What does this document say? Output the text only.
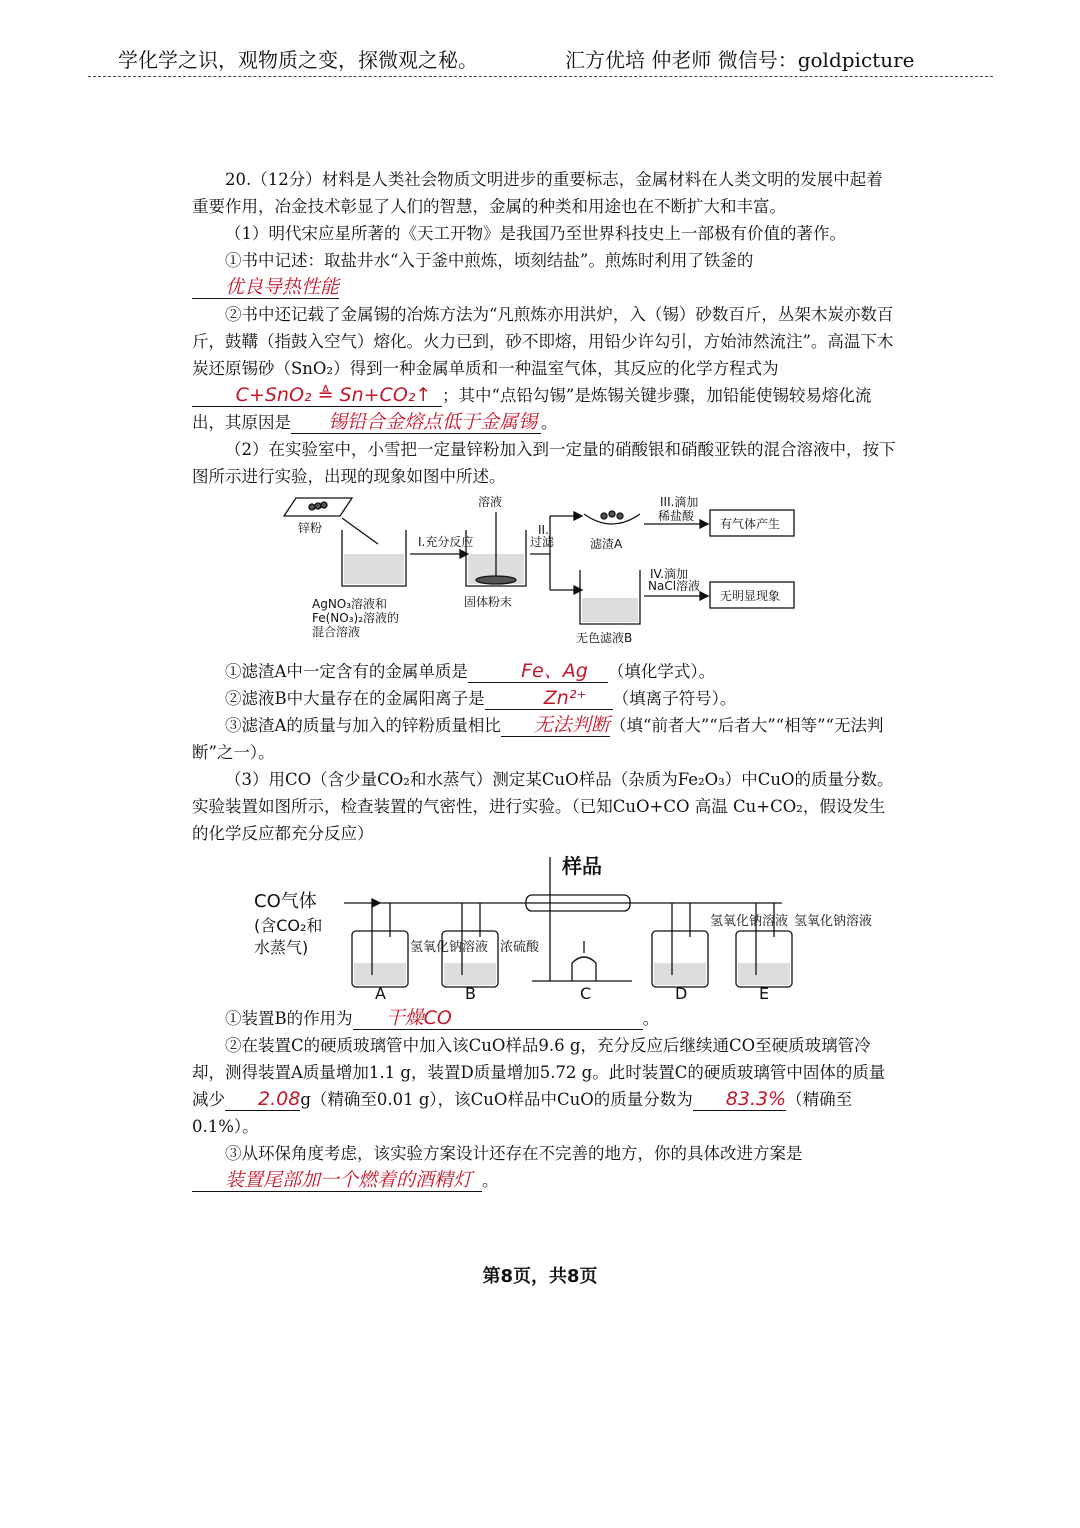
学化学之识，观物质之变，探微观之秘。	汇方优培 仲老师 微信号：goldpicture

20.（12分）材料是人类社会物质文明进步的重要标志，金属材料在人类文明的发展中起着重要作用，冶金技术彰显了人们的智慧，金属的种类和用途也在不断扩大和丰富。

（1）明代宋应星所著的《天工开物》是我国乃至世界科技史上一部极有价值的著作。

①书中记述：取盐井水“入于釜中煎炼，顷刻结盐”。煎炼时利用了铁釜的优良导热性能

②书中还记载了金属锡的冶炼方法为“凡煎炼亦用洪炉，入（锡）砂数百斤，丛架木炭亦数百斤，鼓鞲（指鼓入空气）熔化。火力已到，砂不即熔，用铅少许勾引，方始沛然流注”。高温下木炭还原锡砂（SnO₂）得到一种金属单质和一种温室气体，其反应的化学方程式为
C+SnO₂ ≜ Sn+CO₂↑ ；其中“点铅勾锡”是炼锡关键步骤，加铅能使锡较易熔化流出，其原因是 锡铅合金熔点低于金属锡 。

（2）在实验室中，小雪把一定量锌粉加入到一定量的硝酸银和硝酸亚铁的混合溶液中，按下图所示进行实验，出现的现象如图中所述。

锌粉
I.充分反应
溶液
II.
过滤
III.滴加
稀盐酸
有气体产生
滤渣A
IV.滴加
NaCl溶液
无明显现象
AgNO₃溶液和
Fe(NO₃)₂溶液的
混合溶液
固体粉末
无色滤液B

①滤渣A中一定含有的金属单质是	Fe、Ag （填化学式）。

②滤液B中大量存在的金属阳离子是	Zn²⁺ （填离子符号）。

③滤渣A的质量与加入的锌粉质量相比 无法判断（填“前者大”“后者大”“相等”“无法判断”之一）。

（3）用CO（含少量CO₂和水蒸气）测定某CuO样品（杂质为Fe₂O₃）中CuO的质量分数。实验装置如图所示，检查装置的气密性，进行实验。（已知CuO+CO 高温 Cu+CO₂，假设发生的化学反应都充分反应）

样品
CO气体
(含CO₂和
水蒸气)	氢氧化钠溶液 浓硫酸
氢氧化钠溶液 氢氧化钠溶液
A	B	C	D	E

①装置B的作用为 干燥CO	。

②在装置C的硬质玻璃管中加入该CuO样品9.6 g，充分反应后继续通CO至硬质玻璃管冷却，测得装置A质量增加1.1 g，装置D质量增加5.72 g。此时装置C的硬质玻璃管中固体的质量减少 2.08g（精确至0.01 g），该CuO样品中CuO的质量分数为 83.3%（精确至0.1%）。

③从环保角度考虑，该实验方案设计还存在不完善的地方，你的具体改进方案是装置尾部加一个燃着的酒精灯 。

第8页，共8页
